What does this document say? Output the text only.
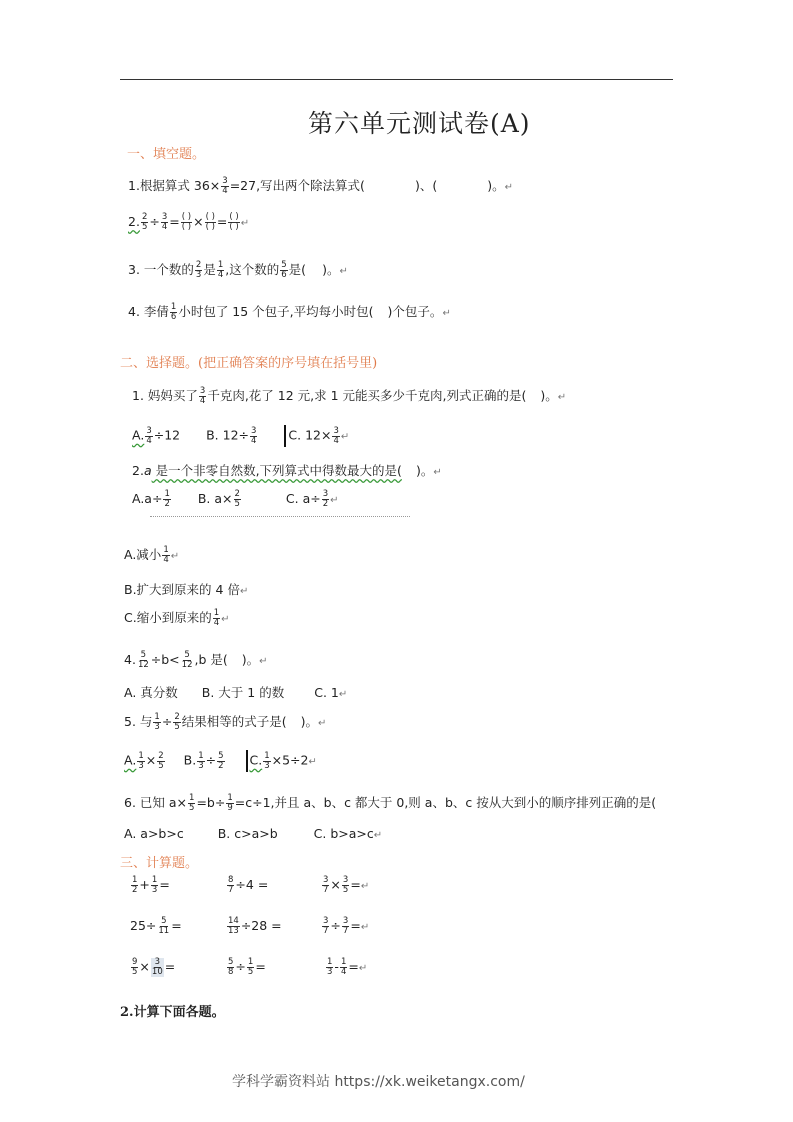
第六单元测试卷(A)
一、填空题。
1.根据算式 $36\times \frac{3}{4} =27$,写出两个除法算式(	)、(	)。↵
2. $\frac{2}{5} \div \frac{3}{4} = \frac{( )}{( )} \times \frac{( )}{( )} = \frac{( )}{( )}$ ↵
3. 一个数的 $\frac{2}{3}$ 是 $\frac{1}{4}$ ,这个数的 $\frac{5}{6}$ 是( )。↵
4. 李倩 $\frac{1}{6}$ 小时包了 15 个包子,平均每小时包( )个包子。↵
二、选择题。(把正确答案的序号填在括号里)
1. 妈妈买了 $\frac{3}{4}$ 千克肉,花了 12 元,求 1 元能买多少千克肉,列式正确的是( )。↵
A. $\frac{3}{4} \div 12$ B. $12\div \frac{3}{4} C$. $12\times \frac{3}{4}$ ↵
2.a 是一个非零自然数,下列算式中得数最大的是( )。↵
$A.a\div \frac{1}{2} B$. $a\times \frac{2}{5}$	C. $a\div \frac{3}{2}$ ↵
A.减小 $\frac{1}{4}$ ↵
B.扩大到原来的 4 倍↵
C.缩小到原来的 $\frac{1}{4}$ ↵
4. $\frac{5}{12} \div b< \frac{5}{12} ,b$ 是( )。↵
A. 真分数 B. 大于 1 的数 C. 1↵
5. 与 $\frac{1}{3} \div \frac{2}{5}$ 结果相等的式子是( )。↵
A. $\frac{1}{3} \times \frac{2}{5} B$. $\frac{1}{3} \div \frac{5}{2} C$. $\frac{1}{3}$ ×5÷2↵
6. 已知 $a\times \frac{1}{5} =b\div \frac{1}{9} =c\div 1$,并且 a、b、c 都大于 0,则 a、b、c 按从大到小的顺序排列正确的是(
A. a>b>c	B. c>a>b	C. b>a>c↵
三、计算题。
$\frac{1}{2} + \frac{1}{3}$ =	$\frac{8}{7} \div 4$ =	$\frac{3}{7} \times \frac{3}{5}$ =↵
$25\div \frac{5}{11}$ =	$\frac{14}{13} \div 28$ =	$\frac{3}{7} \div \frac{3}{7}$ =↵
$\frac{9}{5} \times \frac{3}{10}$ =	$\frac{5}{8} \div \frac{1}{5}$ =	$\frac{1}{3} - \frac{1}{4}$ =↵
2.计算下面各题。
学科学霸资料站 https://xk.weiketangx.com/
